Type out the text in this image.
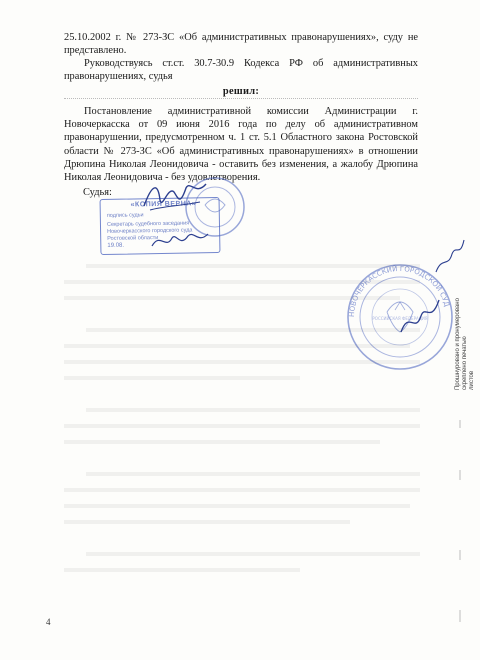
25.10.2002 г. № 273-ЗС «Об административных правонарушениях», суду не представлено.
Руководствуясь ст.ст. 30.7-30.9 Кодекса РФ об административных правонарушениях, судья
решил:
Постановление административной комиссии Администрации г. Новочеркасска от 09 июня 2016 года по делу об административном правонарушении, предусмотренном ч. 1 ст. 5.1 Областного закона Ростовской области № 273-ЗС «Об административных правонарушениях» в отношении Дрюпина Николая Леонидовича - оставить без изменения, а жалобу Дрюпина Николая Леонидовича - без удовлетворения.
Судья:
«КОПИЯ ВЕРНА»
подпись судьи
Секретарь судебного заседания
Новочеркасского городского суда
Ростовской области
19.08.
НОВОЧЕРКАССКИЙ ГОРОДСКОЙ СУД
РОССИЙСКАЯ ФЕДЕРАЦИЯ	Прошнуровано и пронумеровано скреплено печатью листов
4
